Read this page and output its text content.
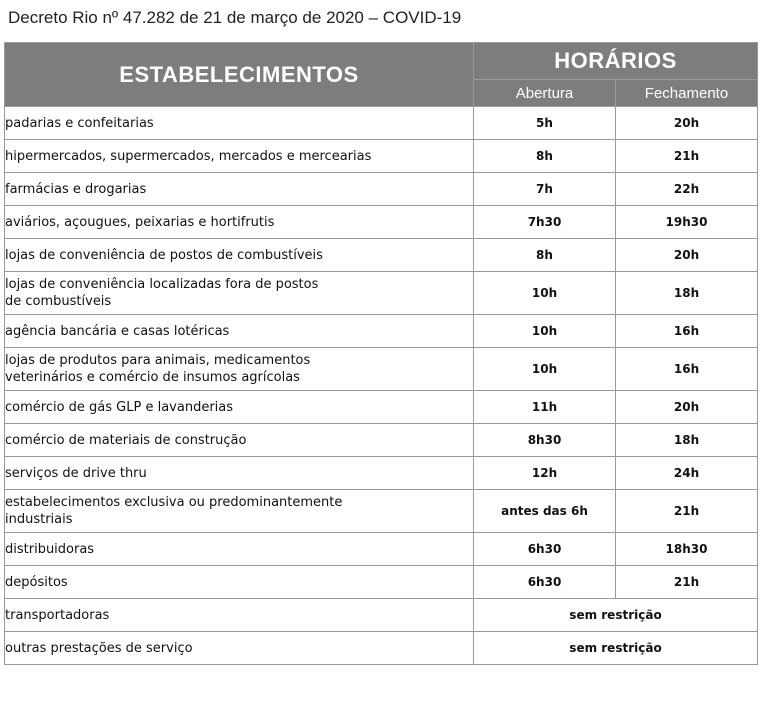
Decreto Rio nº 47.282 de 21 de março de 2020 – COVID-19
ESTABELECIMENTOS	HORÁRIOS	
	Abertura	Fechamento
padarias e confeitarias	5h	20h
hipermercados, supermercados, mercados e mercearias	8h	21h
farmácias e drogarias	7h	22h
aviários, açougues, peixarias e hortifrutis	7h30	19h30
lojas de conveniência de postos de combustíveis	8h	20h
lojas de conveniência localizadas fora de postos
de combustíveis	10h	18h
agência bancária e casas lotéricas	10h	16h
lojas de produtos para animais, medicamentos
veterinários e comércio de insumos agrícolas	10h	16h
comércio de gás GLP e lavanderias	11h	20h
comércio de materiais de construção	8h30	18h
serviços de drive thru	12h	24h
estabelecimentos exclusiva ou predominantemente
industriais	antes das 6h	21h
distribuidoras	6h30	18h30
depósitos	6h30	21h
transportadoras	sem restrição	
outras prestações de serviço	sem restrição	
